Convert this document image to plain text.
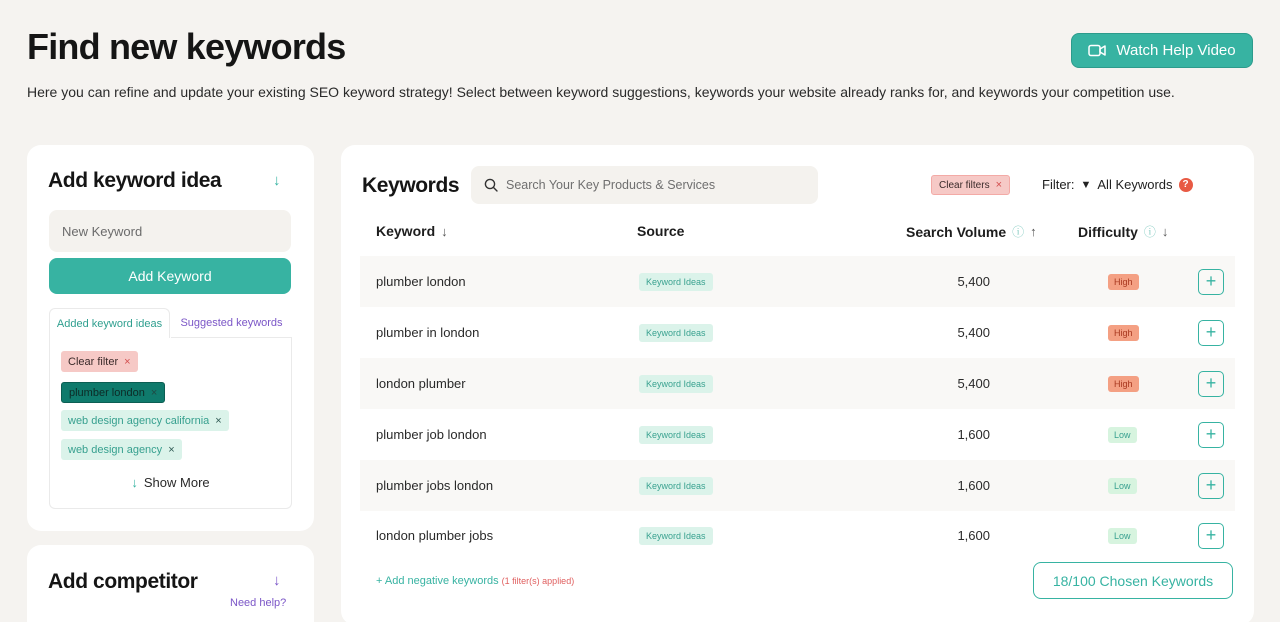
Find new keywords	Watch Help Video

Here you can refine and update your existing SEO keyword strategy! Select between keyword suggestions, keywords your website already ranks for, and keywords your competition use.

Add keyword idea	↓
New Keyword
Add Keyword
Added keyword ideas	Suggested keywords
Clear filter ×
plumber london ×
web design agency california ×
web design agency ×
↓ Show More
Add competitor	↓
Need help?
Keywords
Search Your Key Products & Services	Clear filters ×	Filter: ▼ All Keywords ?
Keyword ↓	Source	Search Volume ⓘ ↑	Difficulty ⓘ ↓
plumber london	Keyword Ideas	5,400	High	+
plumber in london	Keyword Ideas	5,400	High	+
london plumber	Keyword Ideas	5,400	High	+
plumber job london	Keyword Ideas	1,600	Low	+
plumber jobs london	Keyword Ideas	1,600	Low	+
london plumber jobs	Keyword Ideas	1,600	Low	+
+ Add negative keywords (1 filter(s) applied)	18/100 Chosen Keywords
